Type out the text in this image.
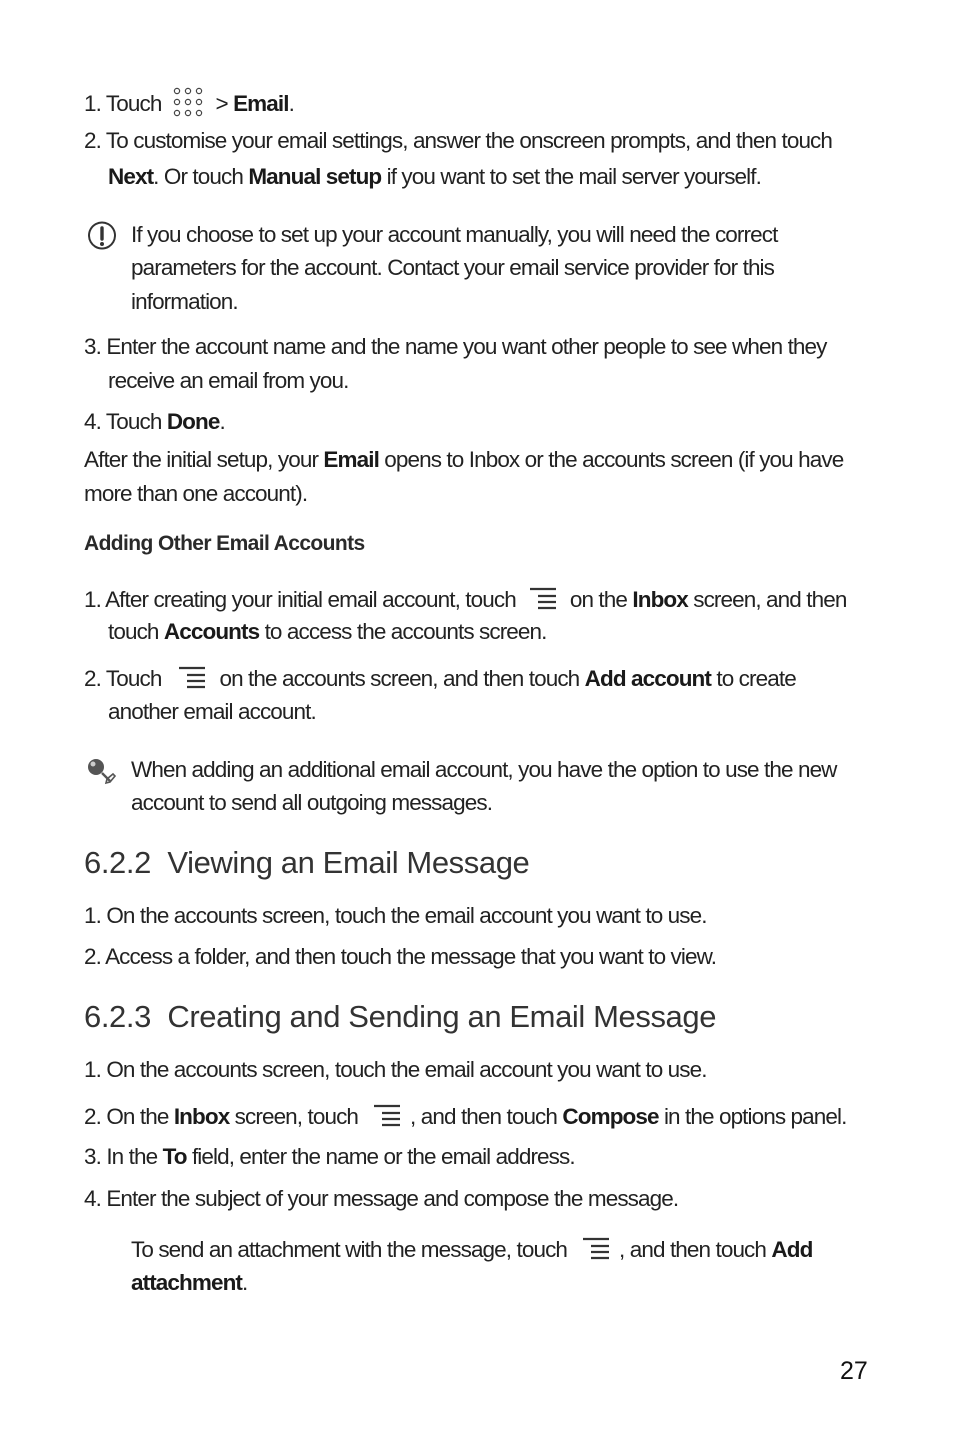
1. Touch > Email.
2. To customise your email settings, answer the onscreen prompts, and then touch
Next. Or touch Manual setup if you want to set the mail server yourself.
If you choose to set up your account manually, you will need the correct
parameters for the account. Contact your email service provider for this
information.
3. Enter the account name and the name you want other people to see when they
receive an email from you.
4. Touch Done.
After the initial setup, your Email opens to Inbox or the accounts screen (if you have
more than one account).
Adding Other Email Accounts
1. After creating your initial email account, touch on the Inbox screen, and then
touch Accounts to access the accounts screen.
2. Touch	on the accounts screen, and then touch Add account to create
another email account.
When adding an additional email account, you have the option to use the new
account to send all outgoing messages.
6.2.2  Viewing an Email Message
1. On the accounts screen, touch the email account you want to use.
2. Access a folder, and then touch the message that you want to view.
6.2.3  Creating and Sending an Email Message
1. On the accounts screen, touch the email account you want to use.
2. On the Inbox screen, touch , and then touch Compose in the options panel.
3. In the To field, enter the name or the email address.
4. Enter the subject of your message and compose the message.
To send an attachment with the message, touch , and then touch Add
attachment.
27
